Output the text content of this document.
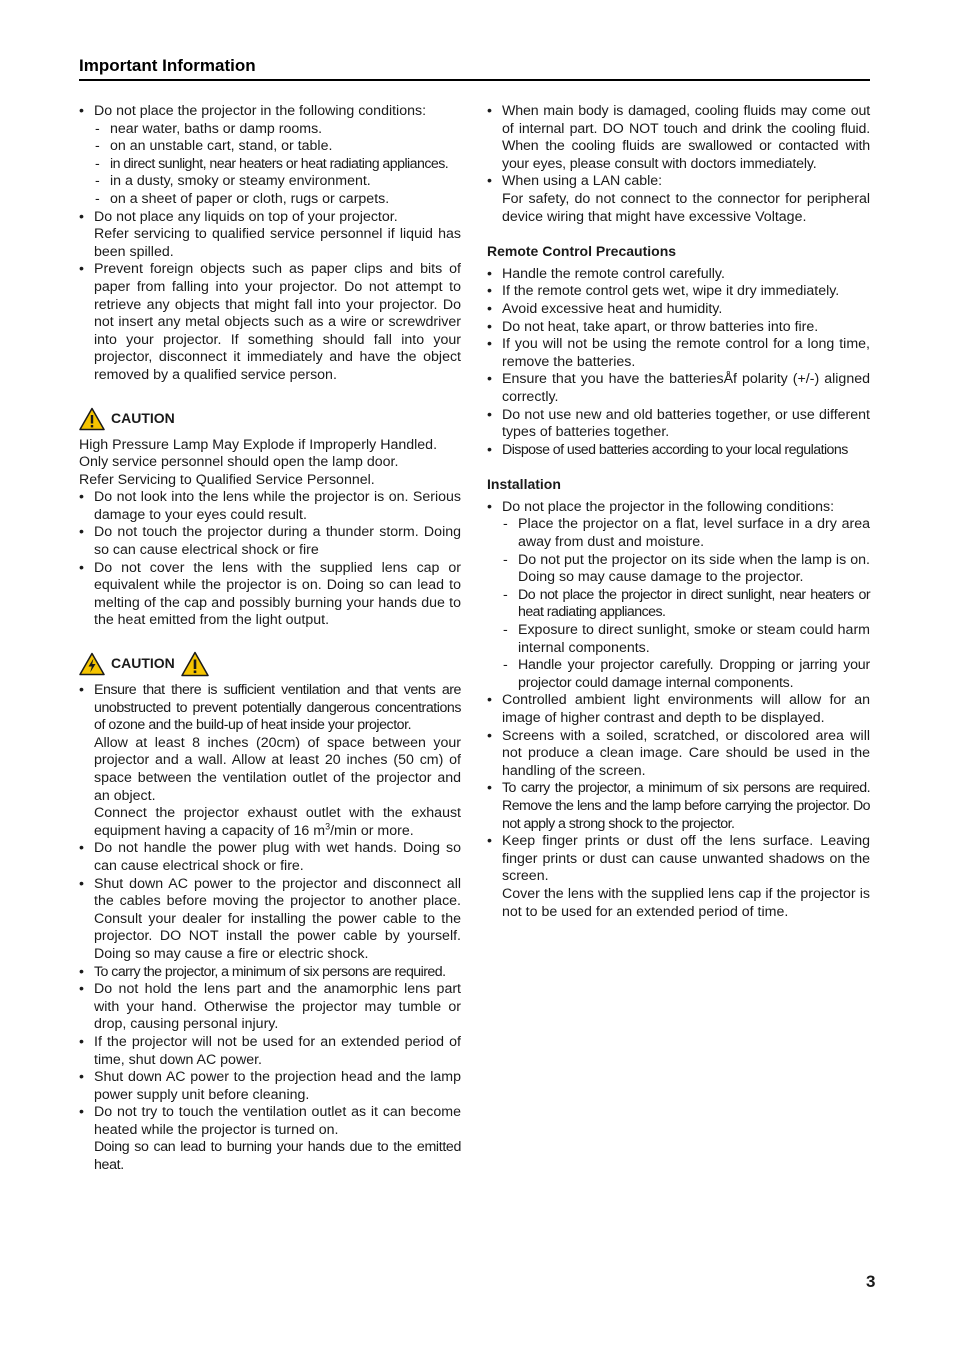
Important Information
• Do not place the projector in the following conditions:
- near water, baths or damp rooms.
- on an unstable cart, stand, or table.
- in direct sunlight, near heaters or heat radiating appliances.
- in a dusty, smoky or steamy environment.
- on a sheet of paper or cloth, rugs or carpets.
• Do not place any liquids on top of your projector.
Refer servicing to qualified service personnel if liquid has been spilled.
• Prevent foreign objects such as paper clips and bits of paper from falling into your projector. Do not attempt to retrieve any objects that might fall into your projector. Do not insert any metal objects such as a wire or screwdriver into your projector. If something should fall into your projector, disconnect it immediately and have the object removed by a qualified service person.
CAUTION
High Pressure Lamp May Explode if Improperly Handled.
Only service personnel should open the lamp door.
Refer Servicing to Qualified Service Personnel.
• Do not look into the lens while the projector is on. Serious damage to your eyes could result.
• Do not touch the projector during a thunder storm. Doing so can cause electrical shock or fire
• Do not cover the lens with the supplied lens cap or equivalent while the projector is on. Doing so can lead to melting of the cap and possibly burning your hands due to the heat emitted from the light output.
CAUTION
• Ensure that there is sufficient ventilation and that vents are unobstructed to prevent potentially dangerous concentrations of ozone and the build-up of heat inside your projector.
Allow at least 8 inches (20cm) of space between your projector and a wall. Allow at least 20 inches (50 cm) of space between the ventilation outlet of the projector and an object.
Connect the projector exhaust outlet with the exhaust equipment having a capacity of 16 $m^3/\min$ or more.
• Do not handle the power plug with wet hands. Doing so can cause electrical shock or fire.
• Shut down AC power to the projector and disconnect all the cables before moving the projector to another place. Consult your dealer for installing the power cable to the projector. DO NOT install the power cable by yourself. Doing so may cause a fire or electric shock.
• To carry the projector, a minimum of six persons are required.
• Do not hold the lens part and the anamorphic lens part with your hand. Otherwise the projector may tumble or drop, causing personal injury.
• If the projector will not be used for an extended period of time, shut down AC power.
• Shut down AC power to the projection head and the lamp power supply unit before cleaning.
• Do not try to touch the ventilation outlet as it can become heated while the projector is turned on.
Doing so can lead to burning your hands due to the emitted heat.
• When main body is damaged, cooling fluids may come out of internal part. DO NOT touch and drink the cooling fluid. When the cooling fluids are swallowed or contacted with your eyes, please consult with doctors immediately.
• When using a LAN cable:
For safety, do not connect to the connector for peripheral device wiring that might have excessive Voltage.
Remote Control Precautions
• Handle the remote control carefully.
• If the remote control gets wet, wipe it dry immediately.
• Avoid excessive heat and humidity.
• Do not heat, take apart, or throw batteries into fire.
• If you will not be using the remote control for a long time, remove the batteries.
• Ensure that you have the batteriesÅf polarity (+/-) aligned correctly.
• Do not use new and old batteries together, or use different types of batteries together.
• Dispose of used batteries according to your local regulations
Installation
• Do not place the projector in the following conditions:
- Place the projector on a flat, level surface in a dry area away from dust and moisture.
- Do not put the projector on its side when the lamp is on. Doing so may cause damage to the projector.
- Do not place the projector in direct sunlight, near heaters or heat radiating appliances.
- Exposure to direct sunlight, smoke or steam could harm internal components.
- Handle your projector carefully. Dropping or jarring your projector could damage internal components.
• Controlled ambient light environments will allow for an image of higher contrast and depth to be displayed.
• Screens with a soiled, scratched, or discolored area will not produce a clean image. Care should be used in the handling of the screen.
• To carry the projector, a minimum of six persons are required. Remove the lens and the lamp before carrying the projector. Do not apply a strong shock to the projector.
• Keep finger prints or dust off the lens surface. Leaving finger prints or dust can cause unwanted shadows on the screen.
Cover the lens with the supplied lens cap if the projector is not to be used for an extended period of time.
3
